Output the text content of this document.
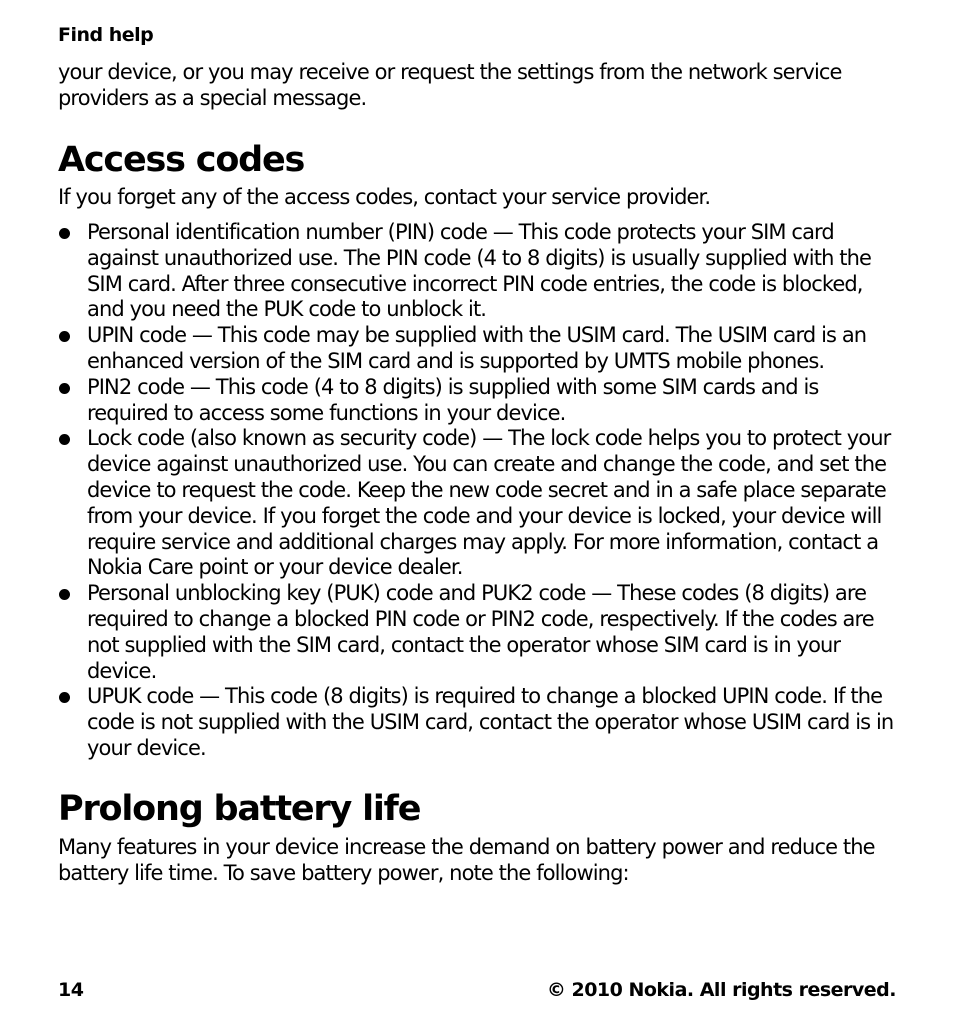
Find help

your device, or you may receive or request the settings from the network service providers as a special message.

Access codes

If you forget any of the access codes, contact your service provider.

Personal identification number (PIN) code — This code protects your SIM card against unauthorized use. The PIN code (4 to 8 digits) is usually supplied with the SIM card. After three consecutive incorrect PIN code entries, the code is blocked, and you need the PUK code to unblock it.
UPIN code — This code may be supplied with the USIM card. The USIM card is an enhanced version of the SIM card and is supported by UMTS mobile phones.
PIN2 code — This code (4 to 8 digits) is supplied with some SIM cards and is required to access some functions in your device.
Lock code (also known as security code) — The lock code helps you to protect your device against unauthorized use. You can create and change the code, and set the device to request the code. Keep the new code secret and in a safe place separate from your device. If you forget the code and your device is locked, your device will require service and additional charges may apply. For more information, contact a Nokia Care point or your device dealer.
Personal unblocking key (PUK) code and PUK2 code — These codes (8 digits) are required to change a blocked PIN code or PIN2 code, respectively. If the codes are not supplied with the SIM card, contact the operator whose SIM card is in your device.
UPUK code — This code (8 digits) is required to change a blocked UPIN code. If the code is not supplied with the USIM card, contact the operator whose USIM card is in your device.
Prolong battery life

Many features in your device increase the demand on battery power and reduce the battery life time. To save battery power, note the following:

14	© 2010 Nokia. All rights reserved.
